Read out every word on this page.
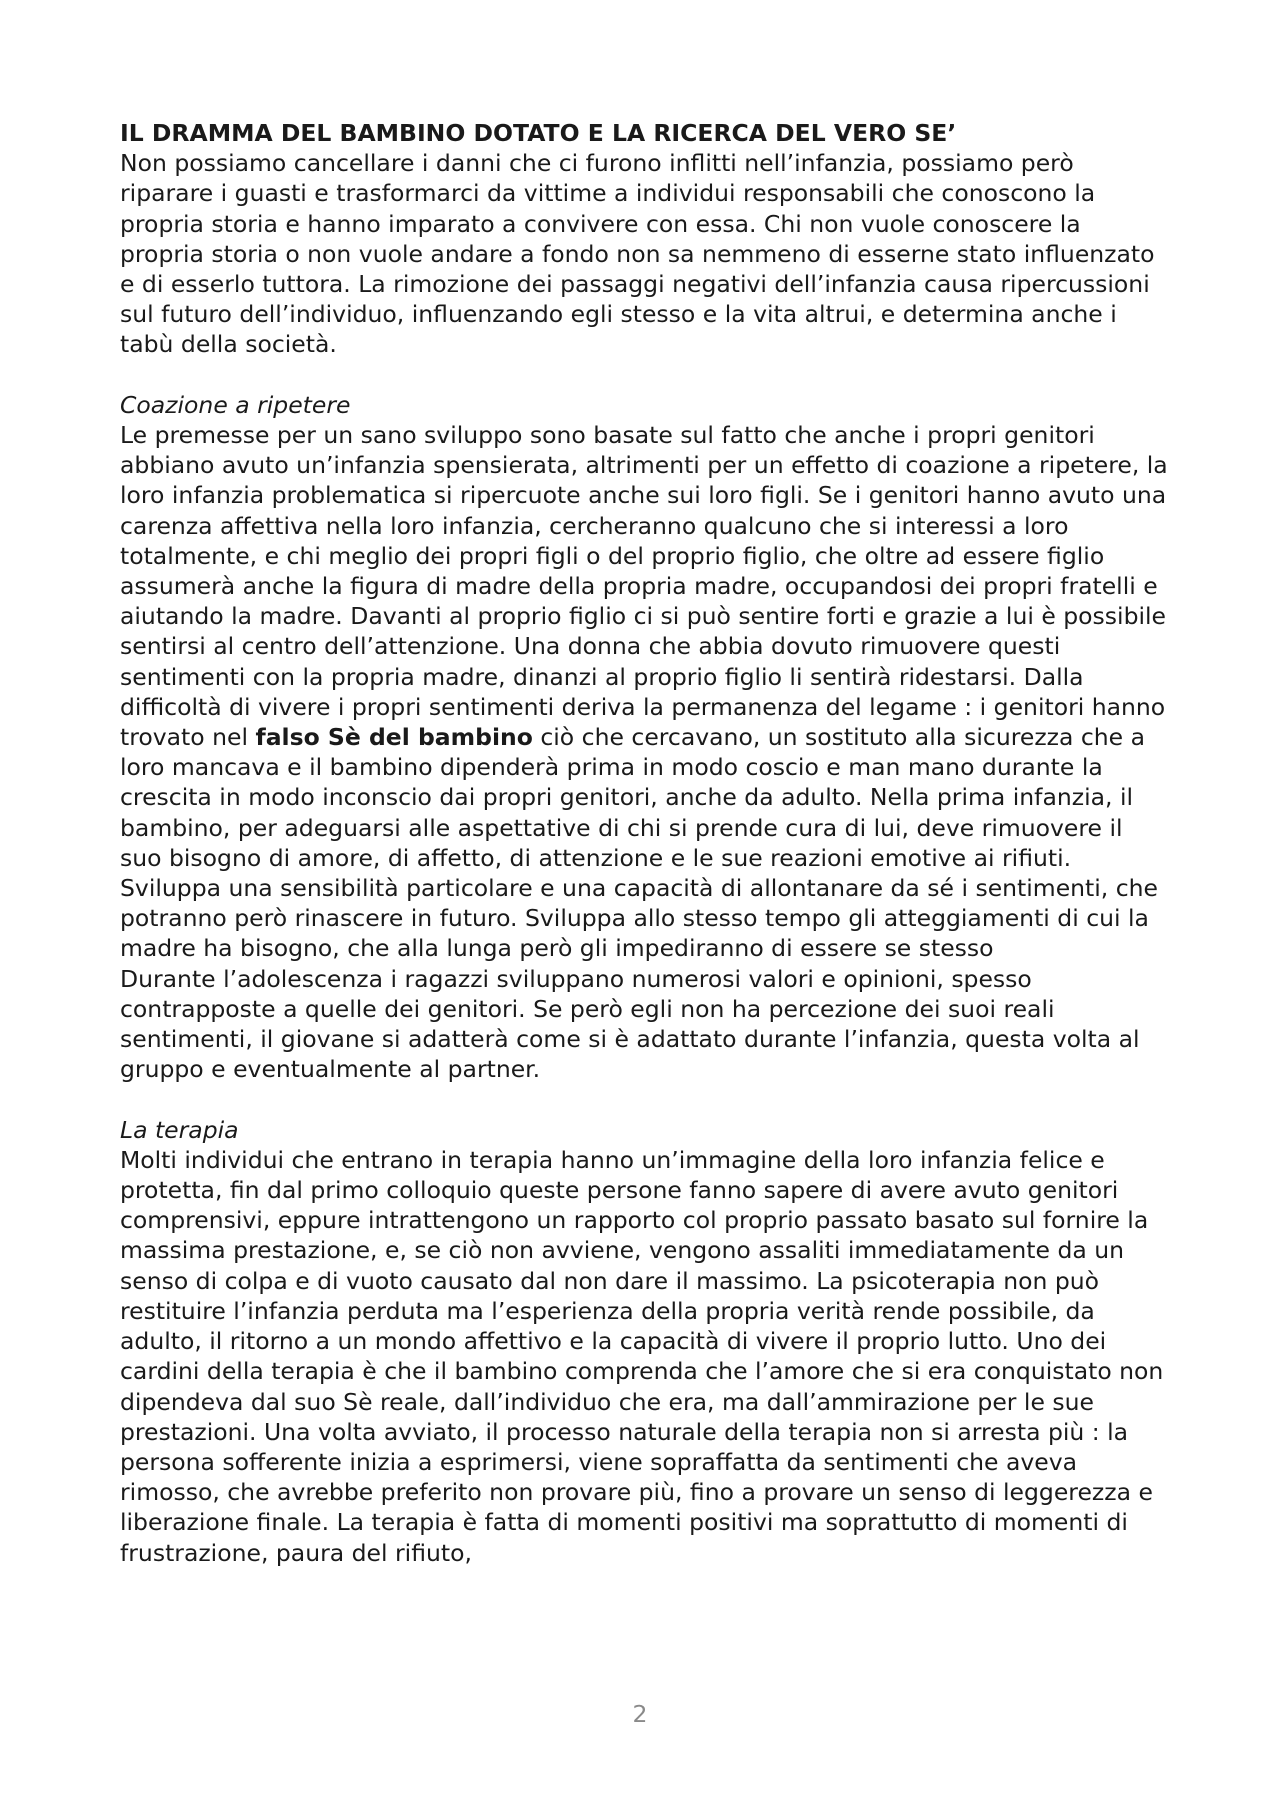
IL DRAMMA DEL BAMBINO DOTATO E LA RICERCA DEL VERO SE’

Non possiamo cancellare i danni che ci furono inflitti nell’infanzia, possiamo però riparare i guasti e trasformarci da vittime a individui responsabili che conoscono la propria storia e hanno imparato a convivere con essa. Chi non vuole conoscere la propria storia o non vuole andare a fondo non sa nemmeno di esserne stato influenzato e di esserlo tuttora. La rimozione dei passaggi negativi dell’infanzia causa ripercussioni sul futuro dell’individuo, influenzando egli stesso e la vita altrui, e determina anche i tabù della società.

Coazione a ripetere

Le premesse per un sano sviluppo sono basate sul fatto che anche i propri genitori abbiano avuto un’infanzia spensierata, altrimenti per un effetto di coazione a ripetere, la loro infanzia problematica si ripercuote anche sui loro figli. Se i genitori hanno avuto una carenza affettiva nella loro infanzia, cercheranno qualcuno che si interessi a loro totalmente, e chi meglio dei propri figli o del proprio figlio, che oltre ad essere figlio assumerà anche la figura di madre della propria madre, occupandosi dei propri fratelli e aiutando la madre. Davanti al proprio figlio ci si può sentire forti e grazie a lui è possibile sentirsi al centro dell’attenzione. Una donna che abbia dovuto rimuovere questi sentimenti con la propria madre, dinanzi al proprio figlio li sentirà ridestarsi. Dalla difficoltà di vivere i propri sentimenti deriva la permanenza del legame : i genitori hanno trovato nel falso Sè del bambino ciò che cercavano, un sostituto alla sicurezza che a loro mancava e il bambino dipenderà prima in modo coscio e man mano durante la crescita in modo inconscio dai propri genitori, anche da adulto. Nella prima infanzia, il bambino, per adeguarsi alle aspettative di chi si prende cura di lui, deve rimuovere il suo bisogno di amore, di affetto, di attenzione e le sue reazioni emotive ai rifiuti. Sviluppa una sensibilità particolare e una capacità di allontanare da sé i sentimenti, che potranno però rinascere in futuro. Sviluppa allo stesso tempo gli atteggiamenti di cui la madre ha bisogno, che alla lunga però gli impediranno di essere se stesso

Durante l’adolescenza i ragazzi sviluppano numerosi valori e opinioni, spesso contrapposte a quelle dei genitori. Se però egli non ha percezione dei suoi reali sentimenti, il giovane si adatterà come si è adattato durante l’infanzia, questa volta al gruppo e eventualmente al partner.

La terapia

Molti individui che entrano in terapia hanno un’immagine della loro infanzia felice e protetta, fin dal primo colloquio queste persone fanno sapere di avere avuto genitori comprensivi, eppure intrattengono un rapporto col proprio passato basato sul fornire la massima prestazione, e, se ciò non avviene, vengono assaliti immediatamente da un senso di colpa e di vuoto causato dal non dare il massimo. La psicoterapia non può restituire l’infanzia perduta ma l’esperienza della propria verità rende possibile, da adulto, il ritorno a un mondo affettivo e la capacità di vivere il proprio lutto. Uno dei cardini della terapia è che il bambino comprenda che l’amore che si era conquistato non dipendeva dal suo Sè reale, dall’individuo che era, ma dall’ammirazione per le sue prestazioni. Una volta avviato, il processo naturale della terapia non si arresta più : la persona sofferente inizia a esprimersi, viene sopraffatta da sentimenti che aveva rimosso, che avrebbe preferito non provare più, fino a provare un senso di leggerezza e liberazione finale. La terapia è fatta di momenti positivi ma soprattutto di momenti di frustrazione, paura del rifiuto,

2
